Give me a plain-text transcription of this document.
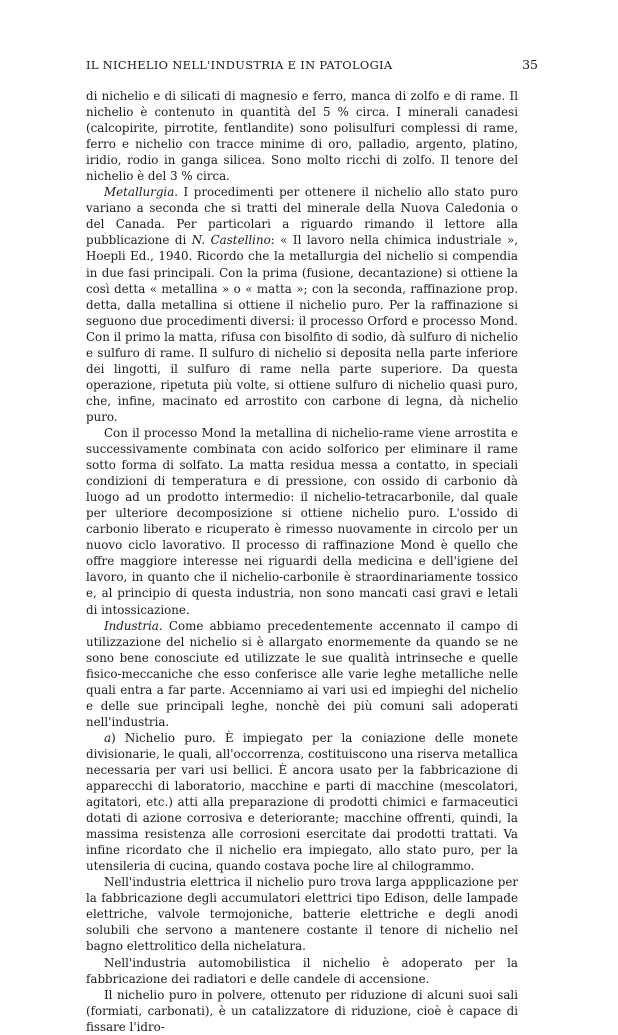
IL NICHELIO NELL'INDUSTRIA E IN PATOLOGIA	35

di nichelio e di silicati di magnesio e ferro, manca di zolfo e di rame. Il nichelio è contenuto in quantità del 5 % circa. I minerali canadesi (calcopirite, pirrotite, fentlandite) sono polisulfuri complessi di rame, ferro e nichelio con tracce minime di oro, palladio, argento, platino, iridio, rodio in ganga silicea. Sono molto ricchi di zolfo. Il tenore del nichelio è del 3 % circa.

Metallurgia. I procedimenti per ottenere il nichelio allo stato puro variano a seconda che si tratti del minerale della Nuova Caledonia o del Canada. Per particolari a riguardo rimando il lettore alla pubblicazione di N. Castellino: « Il lavoro nella chimica industriale », Hoepli Ed., 1940. Ricordo che la metallurgia del nichelio si compendia in due fasi principali. Con la prima (fusione, decantazione) si ottiene la così detta « metallina » o « matta »; con la seconda, raffinazione prop. detta, dalla metallina si ottiene il nichelio puro. Per la raffinazione si seguono due procedimenti diversi: il processo Orford e processo Mond. Con il primo la matta, rifusa con bisolfito di sodio, dà sulfuro di nichelio e sulfuro di rame. Il sulfuro di nichelio si deposita nella parte inferiore dei lingotti, il sulfuro di rame nella parte superiore. Da questa operazione, ripetuta più volte, si ottiene sulfuro di nichelio quasi puro, che, infine, macinato ed arrostito con carbone di legna, dà nichelio puro.

Con il processo Mond la metallina di nichelio-rame viene arrostita e successivamente combinata con acido solforico per eliminare il rame sotto forma di solfato. La matta residua messa a contatto, in speciali condizioni di temperatura e di pressione, con ossido di carbonio dà luogo ad un prodotto intermedio: il nichelio-tetracarbonile, dal quale per ulteriore decomposizione si ottiene nichelio puro. L'ossido di carbonio liberato e ricuperato è rimesso nuovamente in circolo per un nuovo ciclo lavorativo. Il processo di raffinazione Mond è quello che offre maggiore interesse nei riguardi della medicina e dell'igiene del lavoro, in quanto che il nichelio-carbonile è straordinariamente tossico e, al principio di questa industria, non sono mancati casi gravi e letali di intossicazione.

Industria. Come abbiamo precedentemente accennato il campo di utilizzazione del nichelio si è allargato enormemente da quando se ne sono bene conosciute ed utilizzate le sue qualità intrinseche e quelle fisico-meccaniche che esso conferisce alle varie leghe metalliche nelle quali entra a far parte. Accenniamo ai vari usi ed impieghi del nichelio e delle sue principali leghe, nonchè dei più comuni sali adoperati nell'industria.

a) Nichelio puro. È impiegato per la coniazione delle monete divisionarie, le quali, all'occorrenza, costituiscono una riserva metallica necessaria per vari usi bellici. È ancora usato per la fabbricazione di apparecchi di laboratorio, macchine e parti di macchine (mescolatori, agitatori, etc.) atti alla preparazione di prodotti chimici e farmaceutici dotati di azione corrosiva e deteriorante; macchine offrenti, quindi, la massima resistenza alle corrosioni esercitate dai prodotti trattati. Va infine ricordato che il nichelio era impiegato, allo stato puro, per la utensileria di cucina, quando costava poche lire al chilogrammo.

Nell'industria elettrica il nichelio puro trova larga appplicazione per la fabbricazione degli accumulatori elettrici tipo Edison, delle lampade elettriche, valvole termojoniche, batterie elettriche e degli anodi solubili che servono a mantenere costante il tenore di nichelio nel bagno elettrolitico della nichelatura.

Nell'industria automobilistica il nichelio è adoperato per la fabbricazione dei radiatori e delle candele di accensione.

Il nichelio puro in polvere, ottenuto per riduzione di alcuni suoi sali (formiati, carbonati), è un catalizzatore di riduzione, cioè è capace di fissare l'idro-
